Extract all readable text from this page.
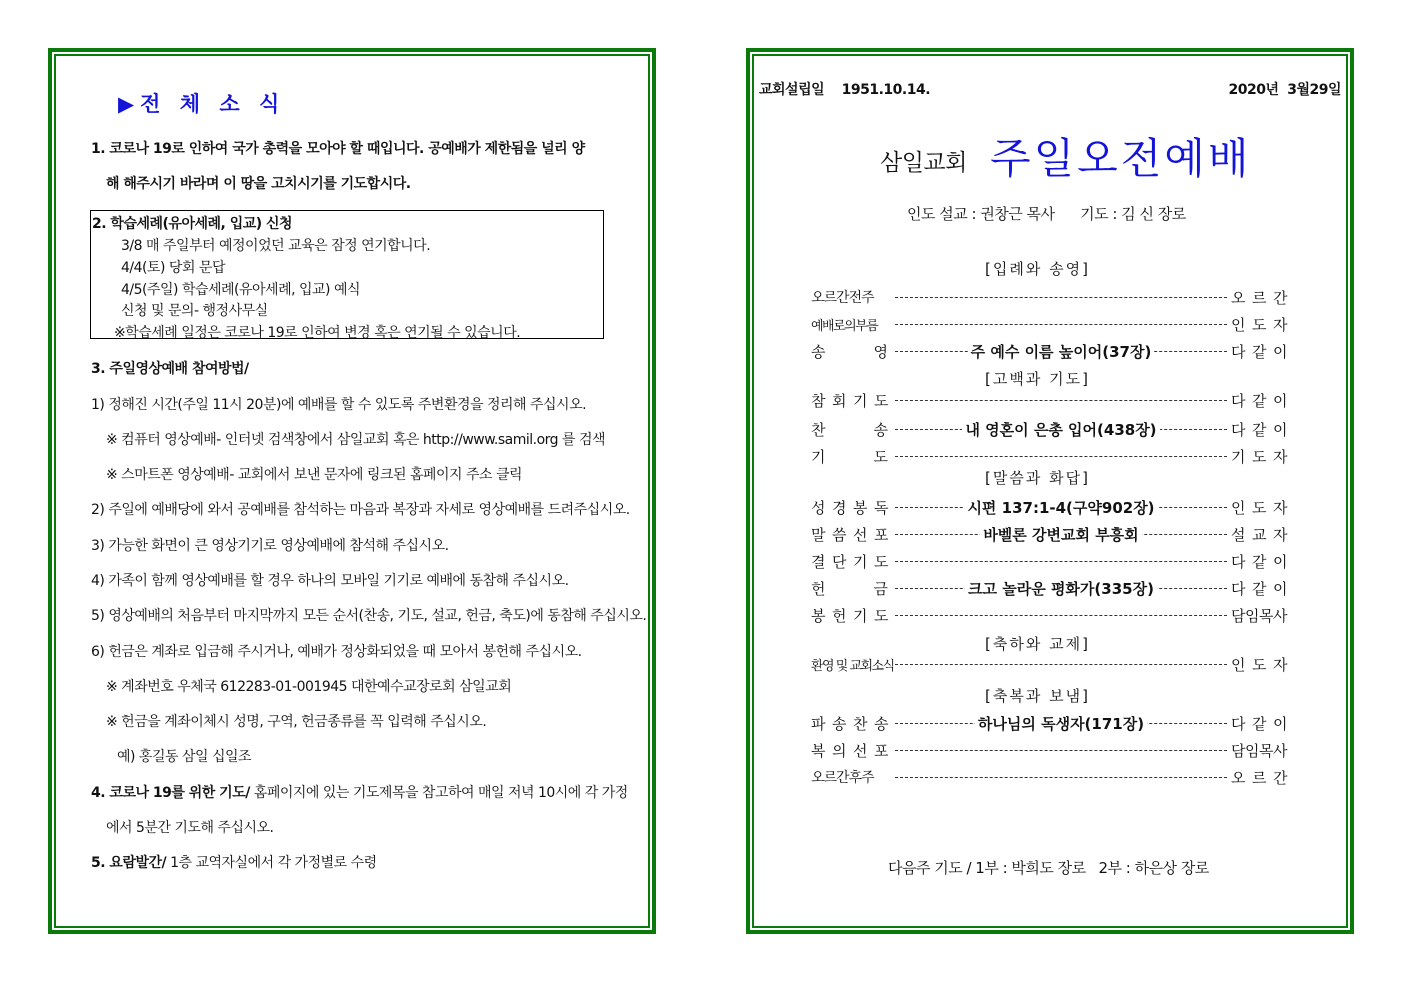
▶전 체 소 식
1. 코로나 19로 인하여 국가 총력을 모아야 할 때입니다. 공예배가 제한됨을 널리 양
해 해주시기 바라며 이 땅을 고치시기를 기도합시다.
2. 학습세례(유아세례, 입교) 신청
3/8 매 주일부터 예정이었던 교육은 잠정 연기합니다.
4/4(토) 당회 문답
4/5(주일) 학습세례(유아세례, 입교) 예식
신청 및 문의- 행정사무실
※학습세례 일정은 코로나 19로 인하여 변경 혹은 연기될 수 있습니다.
3. 주일영상예배 참여방법/
1) 정해진 시간(주일 11시 20분)에 예배를 할 수 있도록 주변환경을 정리해 주십시오.
※ 컴퓨터 영상예배- 인터넷 검색창에서 삼일교회 혹은 http://www.samil.org 를 검색
※ 스마트폰 영상예배- 교회에서 보낸 문자에 링크된 홈페이지 주소 클릭
2) 주일에 예배당에 와서 공예배를 참석하는 마음과 복장과 자세로 영상예배를 드려주십시오.
3) 가능한 화면이 큰 영상기기로 영상예배에 참석해 주십시오.
4) 가족이 함께 영상예배를 할 경우 하나의 모바일 기기로 예배에 동참해 주십시오.
5) 영상예배의 처음부터 마지막까지 모든 순서(찬송, 기도, 설교, 헌금, 축도)에 동참해 주십시오.
6) 헌금은 계좌로 입금해 주시거나, 예배가 정상화되었을 때 모아서 봉헌해 주십시오.
※ 계좌번호 우체국 612283-01-001945 대한예수교장로회 삼일교회
※ 헌금을 계좌이체시 성명, 구역, 헌금종류를 꼭 입력해 주십시오.
예) 홍길동 삼일 십일조
4. 코로나 19를 위한 기도/ 홈페이지에 있는 기도제목을 참고하여 매일 저녁 10시에 각 가정
에서 5분간 기도해 주십시오.
5. 요람발간/ 1층 교역자실에서 각 가정별로 수령
교회설립일 1951.10.14.	2020년  3월29일
삼일교회 주일오전예배
인도 설교 : 권창근 목사      기도 : 김 신 장로
[입례와 송영]
[고백과 기도]
[말씀과 화답]
[축하와 교제]
[축복과 보냄]
오르간전주	오르간
예배로의부름	인도자
송영 주 예수 이름 높이어(37장)	다같이
참회기도	다같이
찬송 내 영혼이 은총 입어(438장)	다같이
기도	기도자
성경봉독	시편 137:1-4(구약902장)	인도자
말씀선포	바벨론 강변교회 부흥회	설교자
결단기도	다같이
헌금 크고 놀라운 평화가(335장)	다같이
봉헌기도	담임목사
환영 및 교회소식	인도자
파송찬송	하나님의 독생자(171장)	다같이
복의선포	담임목사
오르간후주	오르간
다음주 기도 / 1부 : 박희도 장로   2부 : 하은상 장로
